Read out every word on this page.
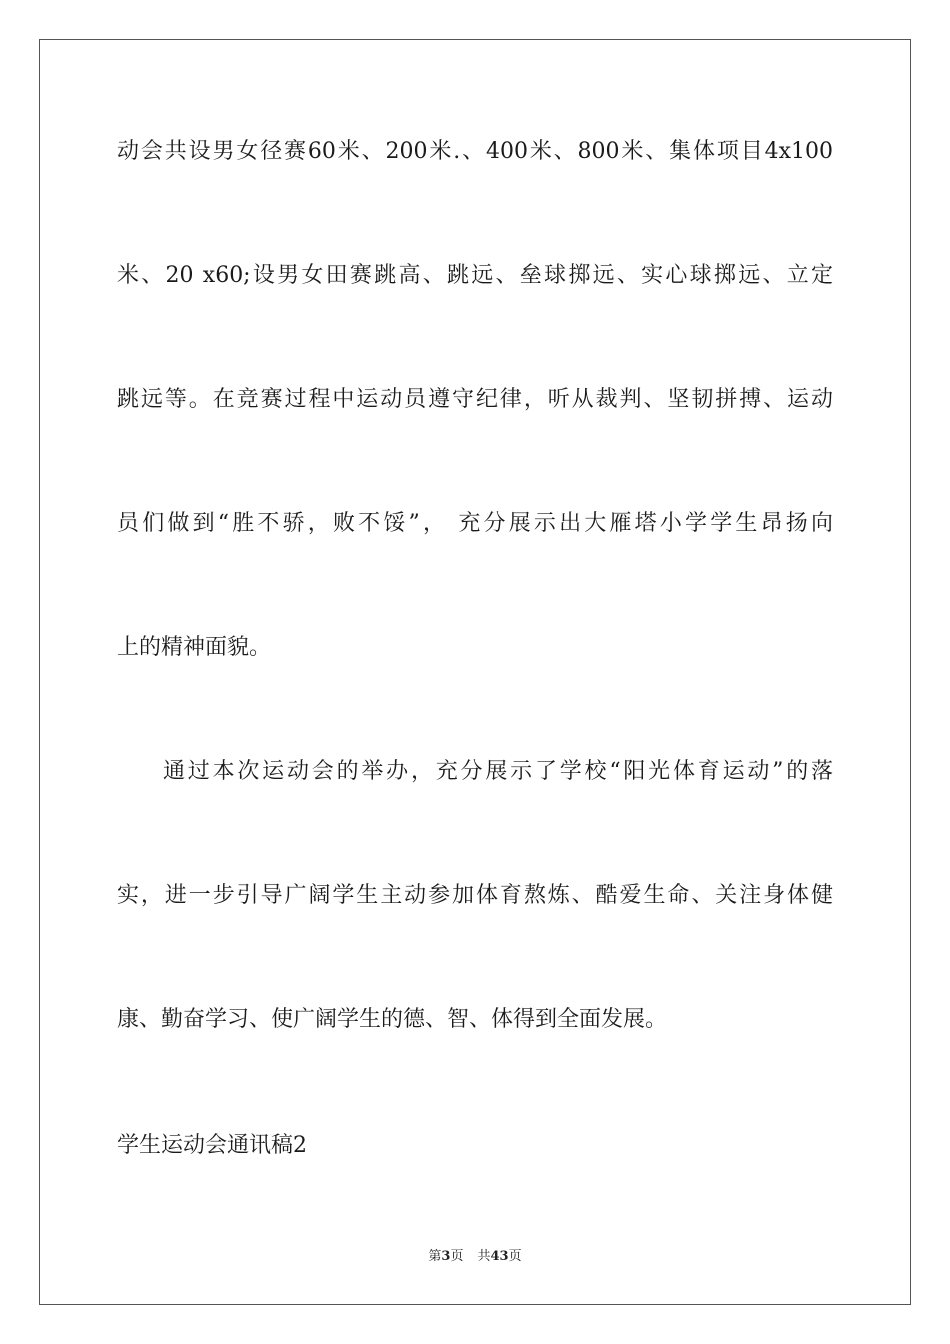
动会共设男女径赛60米、200米.、400米、800米、集体项目4x100
米、20 x60;设男女田赛跳高、跳远、垒球掷远、实心球掷远、立定
跳远等。在竞赛过程中运动员遵守纪律，听从裁判、坚韧拼搏、运动
员们做到“胜不骄，败不馁”， 充分展示出大雁塔小学学生昂扬向
上的精神面貌。
通过本次运动会的举办，充分展示了学校“阳光体育运动”的落
实，进一步引导广阔学生主动参加体育熬炼、酷爱生命、关注身体健
康、勤奋学习、使广阔学生的德、智、体得到全面发展。
学生运动会通讯稿2
第3页 共43页
